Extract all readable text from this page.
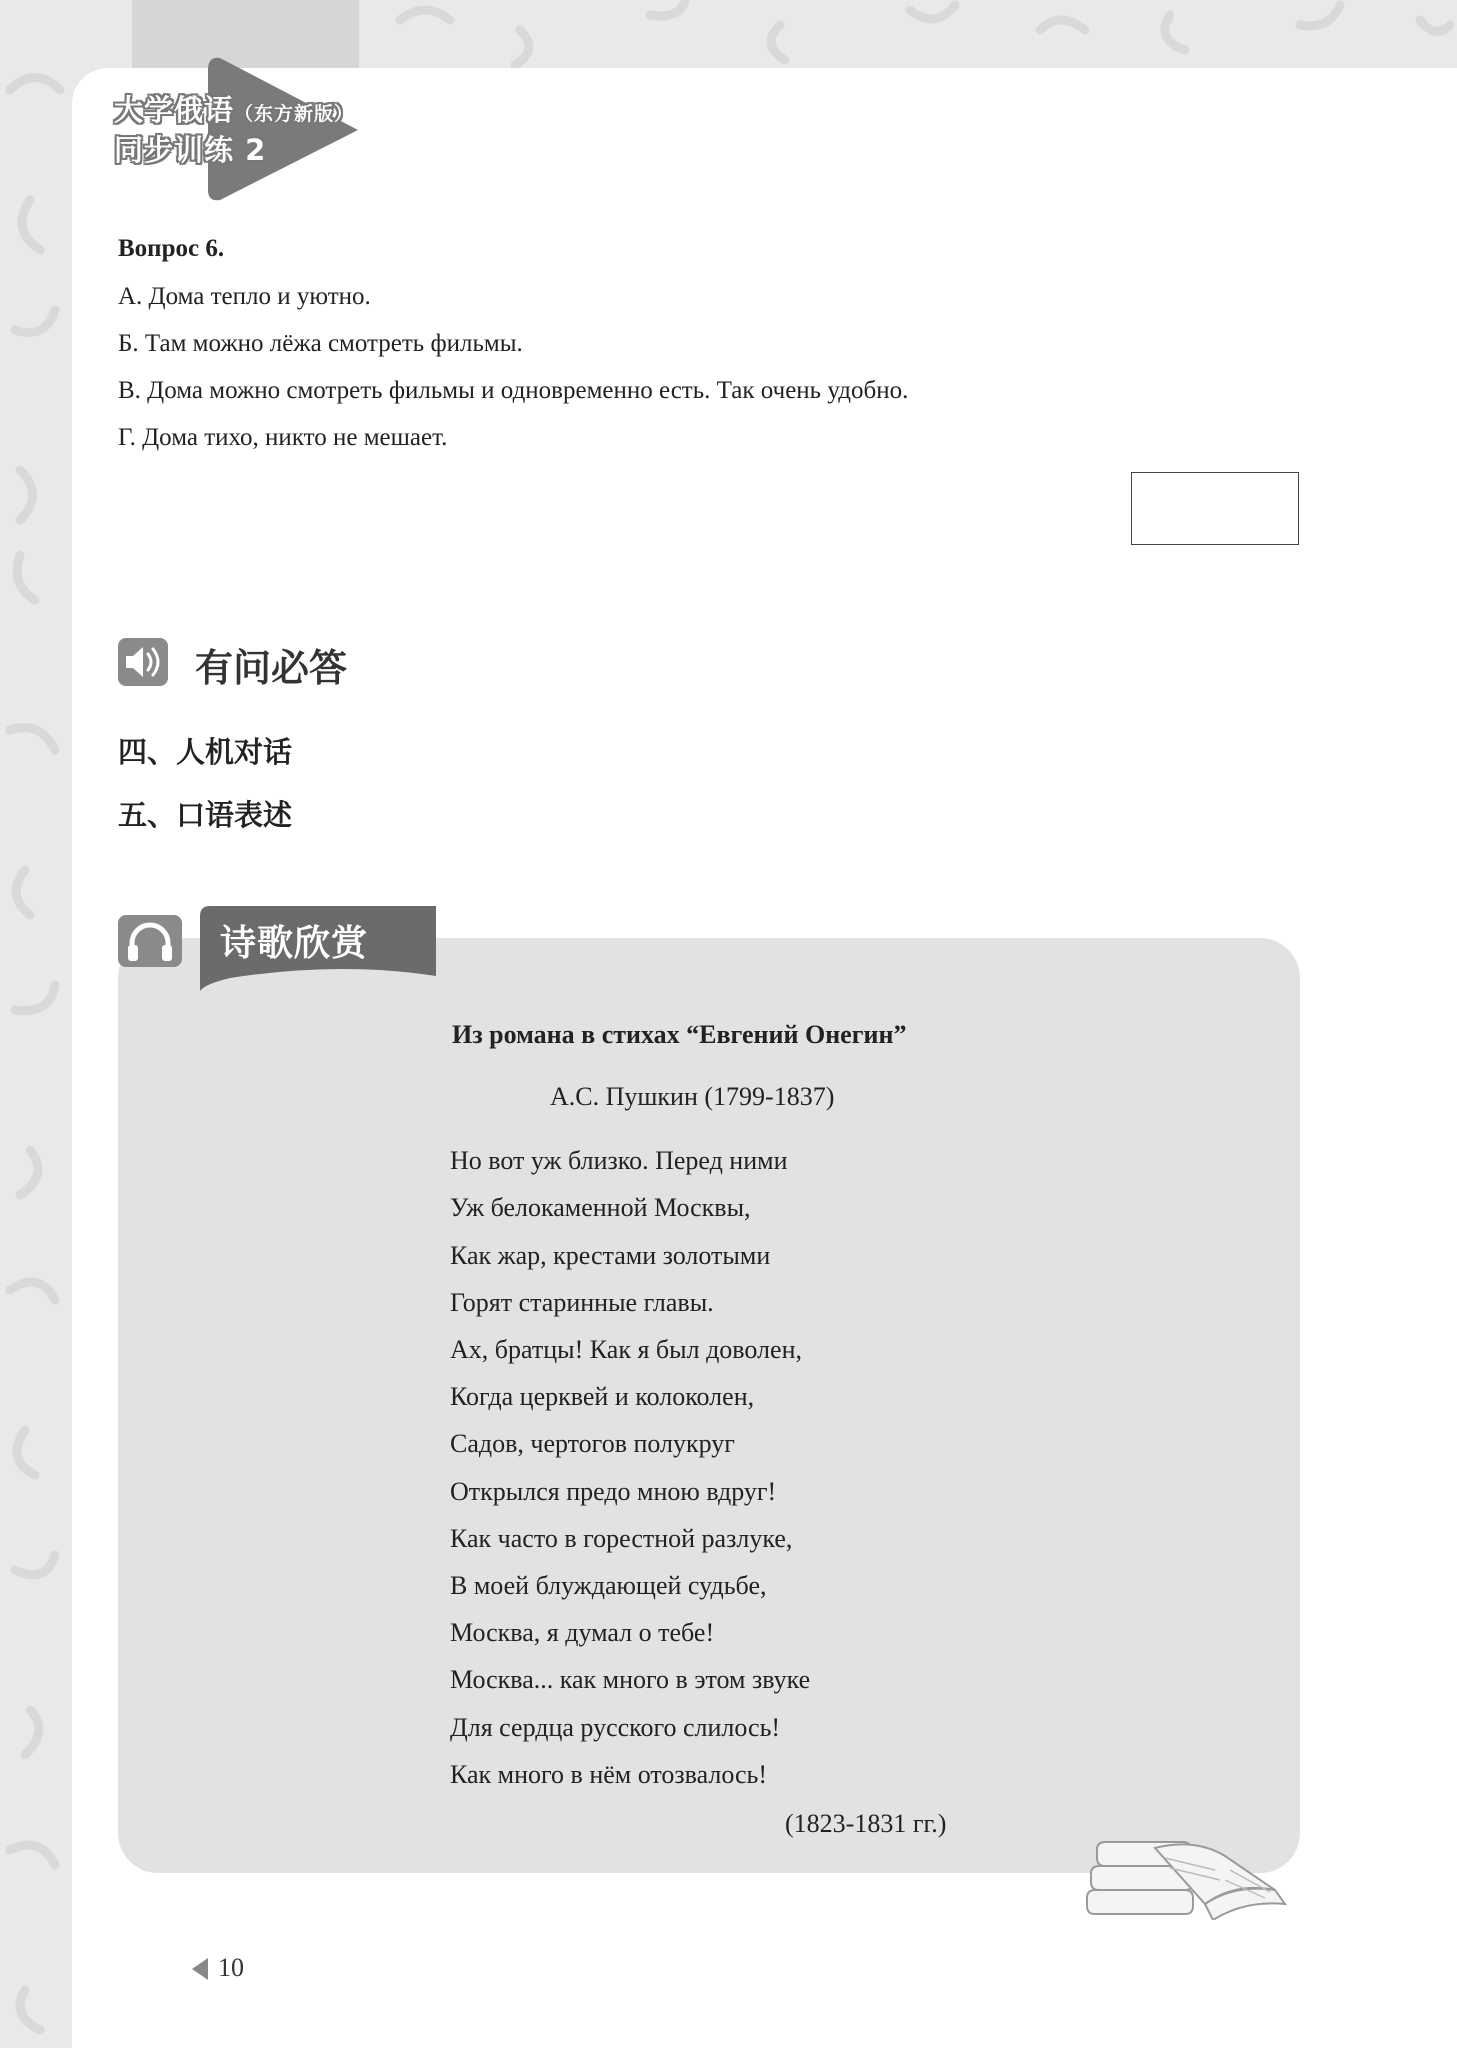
大学俄语（东方新版）
同步训练 2
Вопрос 6.
А. Дома тепло и уютно.
Б. Там можно лёжа смотреть фильмы.
В. Дома можно смотреть фильмы и одновременно есть. Так очень удобно.
Г. Дома тихо, никто не мешает.
有问必答
四、人机对话
五、口语表述
诗歌欣赏
Из романа в стихах “Евгений Онегин”
А.С. Пушкин (1799-1837)
Но вот уж близко. Перед ними
Уж белокаменной Москвы,
Как жар, крестами золотыми
Горят старинные главы.
Ах, братцы! Как я был доволен,
Когда церквей и колоколен,
Садов, чертогов полукруг
Открылся предо мною вдруг!
Как часто в горестной разлуке,
В моей блуждающей судьбе,
Москва, я думал о тебе!
Москва... как много в этом звуке
Для сердца русского слилось!
Как много в нём отозвалось!
(1823-1831 гг.)
10
